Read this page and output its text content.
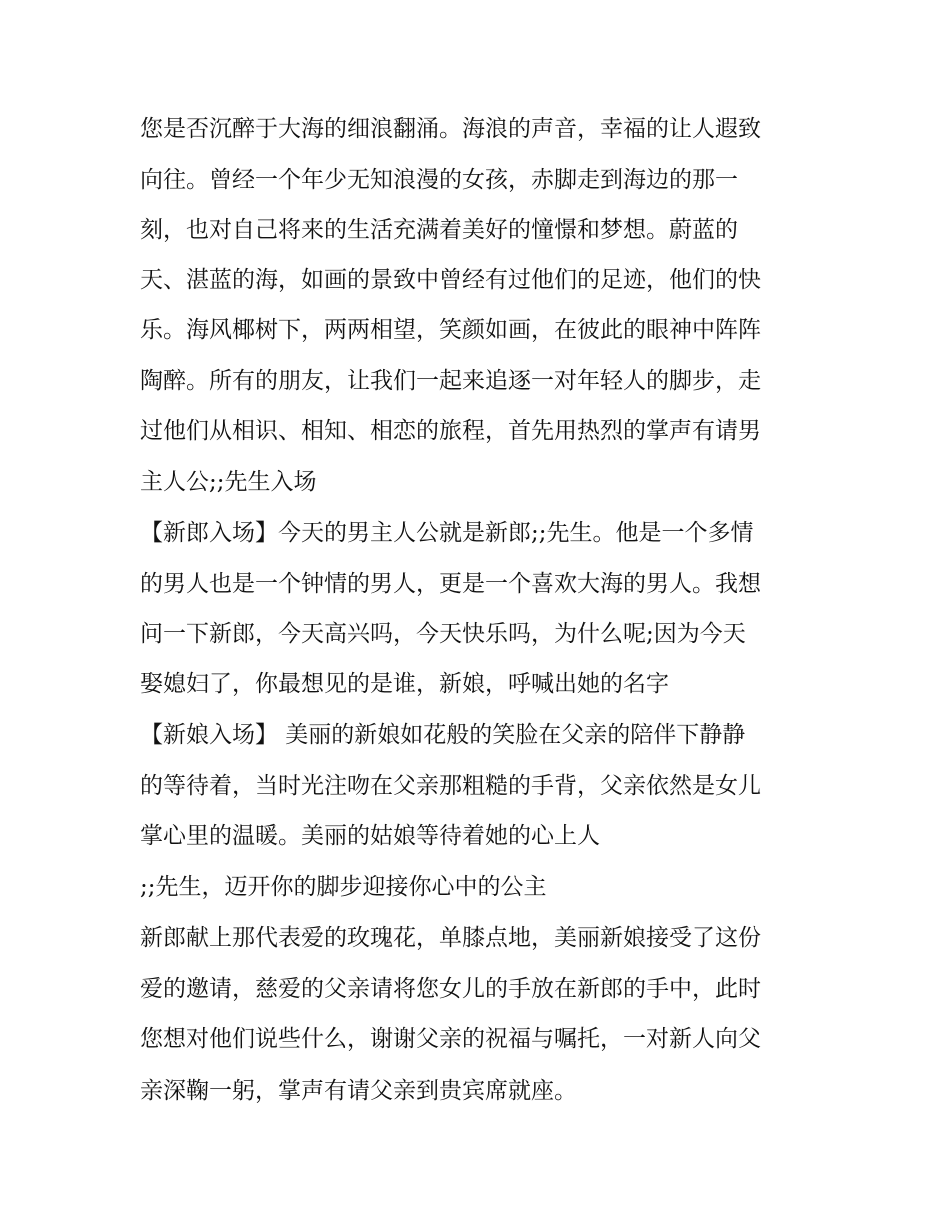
您是否沉醉于大海的细浪翻涌。海浪的声音，幸福的让人遐致
向往。曾经一个年少无知浪漫的女孩，赤脚走到海边的那一
刻，也对自己将来的生活充满着美好的憧憬和梦想。蔚蓝的
天、湛蓝的海，如画的景致中曾经有过他们的足迹，他们的快
乐。海风椰树下，两两相望，笑颜如画，在彼此的眼神中阵阵
陶醉。所有的朋友，让我们一起来追逐一对年轻人的脚步，走
过他们从相识、相知、相恋的旅程，首先用热烈的掌声有请男
主人公;;先生入场
【新郎入场】今天的男主人公就是新郎;;先生。他是一个多情
的男人也是一个钟情的男人，更是一个喜欢大海的男人。我想
问一下新郎，今天高兴吗，今天快乐吗，为什么呢;因为今天
娶媳妇了，你最想见的是谁，新娘，呼喊出她的名字
【新娘入场】 美丽的新娘如花般的笑脸在父亲的陪伴下静静
的等待着，当时光注吻在父亲那粗糙的手背，父亲依然是女儿
掌心里的温暖。美丽的姑娘等待着她的心上人
;;先生，迈开你的脚步迎接你心中的公主
新郎献上那代表爱的玫瑰花，单膝点地，美丽新娘接受了这份
爱的邀请，慈爱的父亲请将您女儿的手放在新郎的手中，此时
您想对他们说些什么，谢谢父亲的祝福与嘱托，一对新人向父
亲深鞠一躬，掌声有请父亲到贵宾席就座。
